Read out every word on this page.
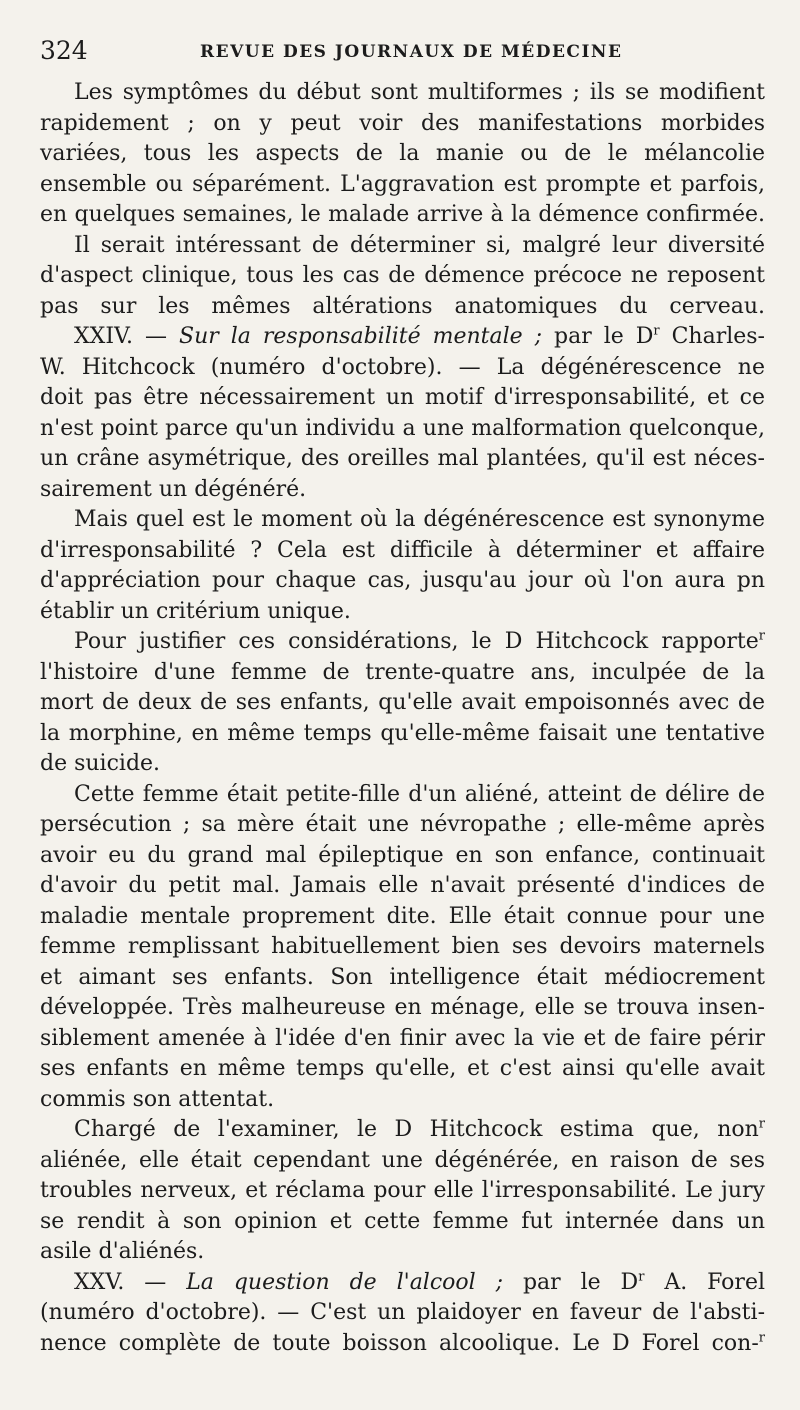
324	REVUE DES JOURNAUX DE MÉDECINE
Les symptômes du début sont multiformes ; ils se modifient
rapidement ; on y peut voir des manifestations morbides
variées, tous les aspects de la manie ou de le mélancolie
ensemble ou séparément. L'aggravation est prompte et parfois,
en quelques semaines, le malade arrive à la démence confirmée.
Il serait intéressant de déterminer si, malgré leur diversité
d'aspect clinique, tous les cas de démence précoce ne reposent
pas sur les mêmes altérations anatomiques du cerveau.
XXIV. — Sur la responsabilité mentale ; par le $D^r$ Charles-
W. Hitchcock (numéro d'octobre). — La dégénérescence ne
doit pas être nécessairement un motif d'irresponsabilité, et ce
n'est point parce qu'un individu a une malformation quelconque,
un crâne asymétrique, des oreilles mal plantées, qu'il est néces-
sairement un dégénéré.
Mais quel est le moment où la dégénérescence est synonyme
d'irresponsabilité ? Cela est difficile à déterminer et affaire
d'appréciation pour chaque cas, jusqu'au jour où l'on aura pn
établir un critérium unique.
Pour justifier ces considérations, le D Hitchcock rapporte$^r$
l'histoire d'une femme de trente-quatre ans, inculpée de la
mort de deux de ses enfants, qu'elle avait empoisonnés avec de
la morphine, en même temps qu'elle-même faisait une tentative
de suicide.
Cette femme était petite-fille d'un aliéné, atteint de délire de
persécution ; sa mère était une névropathe ; elle-même après
avoir eu du grand mal épileptique en son enfance, continuait
d'avoir du petit mal. Jamais elle n'avait présenté d'indices de
maladie mentale proprement dite. Elle était connue pour une
femme remplissant habituellement bien ses devoirs maternels
et aimant ses enfants. Son intelligence était médiocrement
développée. Très malheureuse en ménage, elle se trouva insen-
siblement amenée à l'idée d'en finir avec la vie et de faire périr
ses enfants en même temps qu'elle, et c'est ainsi qu'elle avait
commis son attentat.
Chargé de l'examiner, le D Hitchcock estima que, non$^r$
aliénée, elle était cependant une dégénérée, en raison de ses
troubles nerveux, et réclama pour elle l'irresponsabilité. Le jury
se rendit à son opinion et cette femme fut internée dans un
asile d'aliénés.
XXV. — La question de l'alcool ; par le $D^r$ A. Forel
(numéro d'octobre). — C'est un plaidoyer en faveur de l'absti-
nence complète de toute boisson alcoolique. Le D Forel con-$^r$
